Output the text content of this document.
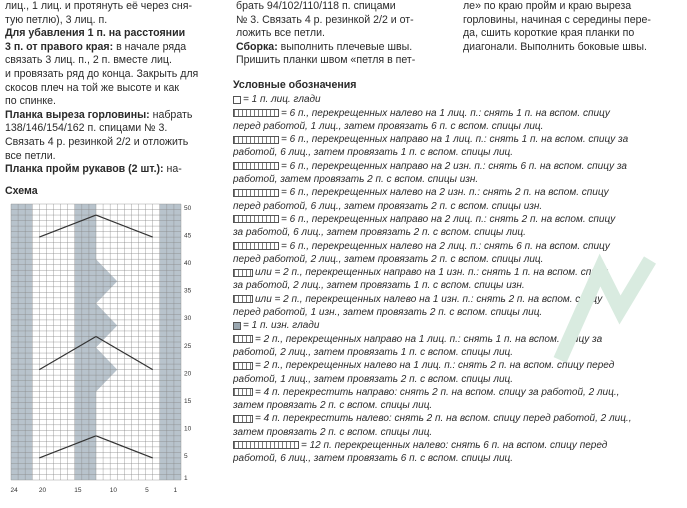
лиц., 1 лиц. и протянуть её через сня-
тую петлю), 3 лиц. п.
Для убавления 1 п. на расстоянии
3 п. от правого края: в начале ряда
связать 3 лиц. п., 2 п. вместе лиц.
и провязать ряд до конца. Закрыть для
скосов плеч на той же высоте и как
по спинке.
Планка выреза горловины: набрать
138/146/154/162 п. спицами № 3.
Связать 4 р. резинкой 2/2 и отложить
все петли.
Планка пройм рукавов (2 шт.): на-
брать 94/102/110/118 п. спицами
№ 3. Связать 4 р. резинкой 2/2 и от-
ложить все петли.
Сборка: выполнить плечевые швы.
Пришить планки швом «петля в пет-
ле» по краю пройм и краю выреза
горловины, начиная с середины пере-
да, сшить короткие края планки по
диагонали. Выполнить боковые швы.
Условные обозначения
= 1 п. лиц. глади
= 6 п., перекрещенных налево на 1 лиц. п.: снять 1 п. на вспом. спицу
перед работой, 1 лиц., затем провязать 6 п. с вспом. спицы лиц.
= 6 п., перекрещенных направо на 1 лиц. п.: снять 1 п. на вспом. спицу за
работой, 6 лиц., затем провязать 1 п. с вспом. спицы лиц.
= 6 п., перекрещенных направо на 2 изн. п.: снять 6 п. на вспом. спицу за
работой, затем провязать 2 п. с вспом. спицы изн.
= 6 п., перекрещенных налево на 2 изн. п.: снять 2 п. на вспом. спицу
перед работой, 6 лиц., затем провязать 2 п. с вспом. спицы изн.
= 6 п., перекрещенных направо на 2 лиц. п.: снять 2 п. на вспом. спицу
за работой, 6 лиц., затем провязать 2 п. с вспом. спицы лиц.
= 6 п., перекрещенных налево на 2 лиц. п.: снять 6 п. на вспом. спицу
перед работой, 2 лиц., затем провязать 2 п. с вспом. спицы лиц.
или = 2 п., перекрещенных направо на 1 изн. п.: снять 1 п. на вспом. спицу
за работой, 2 лиц., затем провязать 1 п. с вспом. спицы изн.
или = 2 п., перекрещенных налево на 1 изн. п.: снять 2 п. на вспом. спицу
перед работой, 1 изн., затем провязать 2 п. с вспом. спицы лиц.
= 1 п. изн. глади
= 2 п., перекрещенных направо на 1 лиц. п.: снять 1 п. на вспом. спицу за
работой, 2 лиц., затем провязать 1 п. с вспом. спицы лиц.
= 2 п., перекрещенных налево на 1 лиц. п.: снять 2 п. на вспом. спицу перед
работой, 1 лиц., затем провязать 2 п. с вспом. спицы лиц.
= 4 п. перекрестить направо: снять 2 п. на вспом. спицу за работой, 2 лиц.,
затем провязать 2 п. с вспом. спицы лиц.
= 4 п. перекрестить налево: снять 2 п. на вспом. спицу перед работой, 2 лиц.,
затем провязать 2 п. с вспом. спицы лиц.
= 12 п. перекрещенных налево: снять 6 п. на вспом. спицу перед
работой, 6 лиц., затем провязать 6 п. с вспом. спицы лиц.
Схема
50
45
40
35
30
25
20
15
10
5
1
24	20	15	10	5	1
